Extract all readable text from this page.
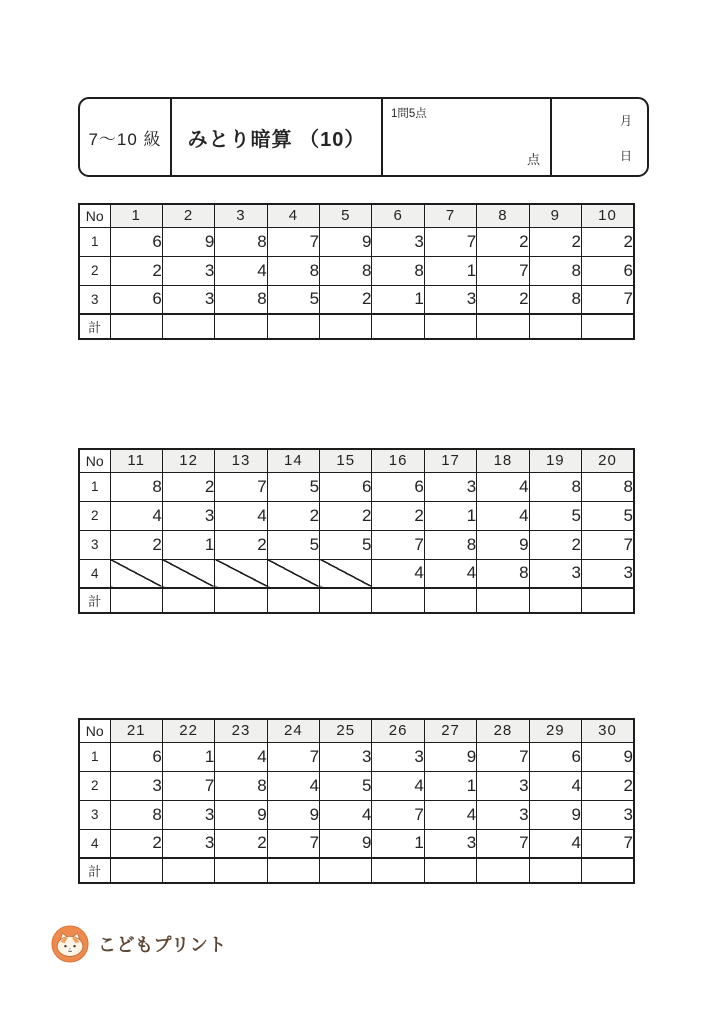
7〜10 級	みとり暗算 （10）
1問5点
点
月
日
No	1	2	3	4	5	6	7	8	9	10
1	6	9	8	7	9	3	7	2	2	2
2	2	3	4	8	8	8	1	7	8	6
3	6	3	8	5	2	1	3	2	8	7
計										
No	11	12	13	14	15	16	17	18	19	20
1	8	2	7	5	6	6	3	4	8	8
2	4	3	4	2	2	2	1	4	5	5
3	2	1	2	5	5	7	8	9	2	7
4						4	4	8	3	3
計										
No	21	22	23	24	25	26	27	28	29	30
1	6	1	4	7	3	3	9	7	6	9
2	3	7	8	4	5	4	1	3	4	2
3	8	3	9	9	4	7	4	3	9	3
4	2	3	2	7	9	1	3	7	4	7
計										
こどもプリント
